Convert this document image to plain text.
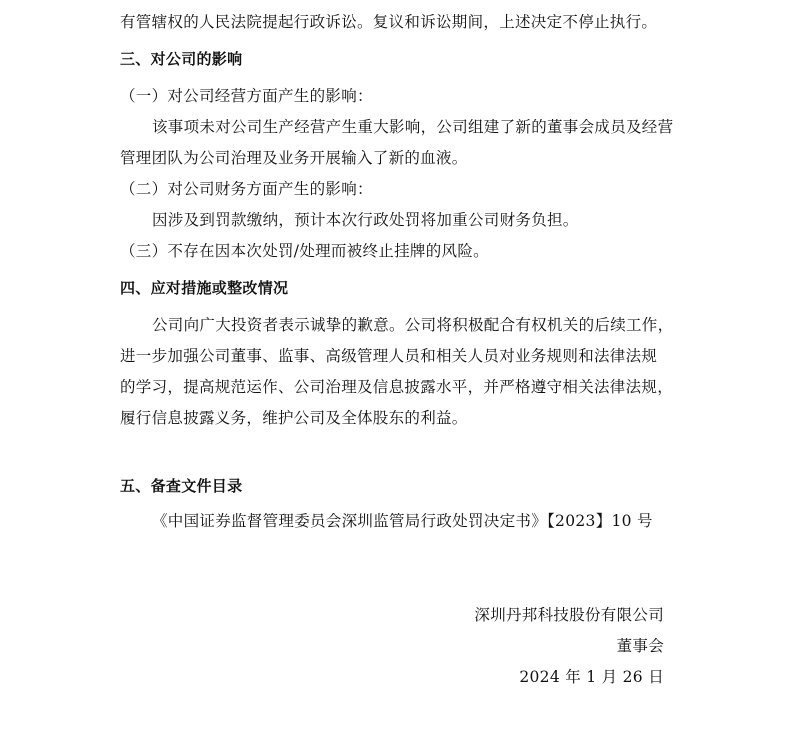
有管辖权的人民法院提起行政诉讼。复议和诉讼期间，上述决定不停止执行。
三、对公司的影响
（一）对公司经营方面产生的影响：
该事项未对公司生产经营产生重大影响，公司组建了新的董事会成员及经营
管理团队为公司治理及业务开展输入了新的血液。
（二）对公司财务方面产生的影响：
因涉及到罚款缴纳，预计本次行政处罚将加重公司财务负担。
（三）不存在因本次处罚/处理而被终止挂牌的风险。
四、应对措施或整改情况
公司向广大投资者表示诚挚的歉意。公司将积极配合有权机关的后续工作，
进一步加强公司董事、监事、高级管理人员和相关人员对业务规则和法律法规
的学习，提高规范运作、公司治理及信息披露水平，并严格遵守相关法律法规，
履行信息披露义务，维护公司及全体股东的利益。
五、备查文件目录
《中国证券监督管理委员会深圳监管局行政处罚决定书》【2023】10 号
深圳丹邦科技股份有限公司
董事会
2024 年 1 月 26 日
